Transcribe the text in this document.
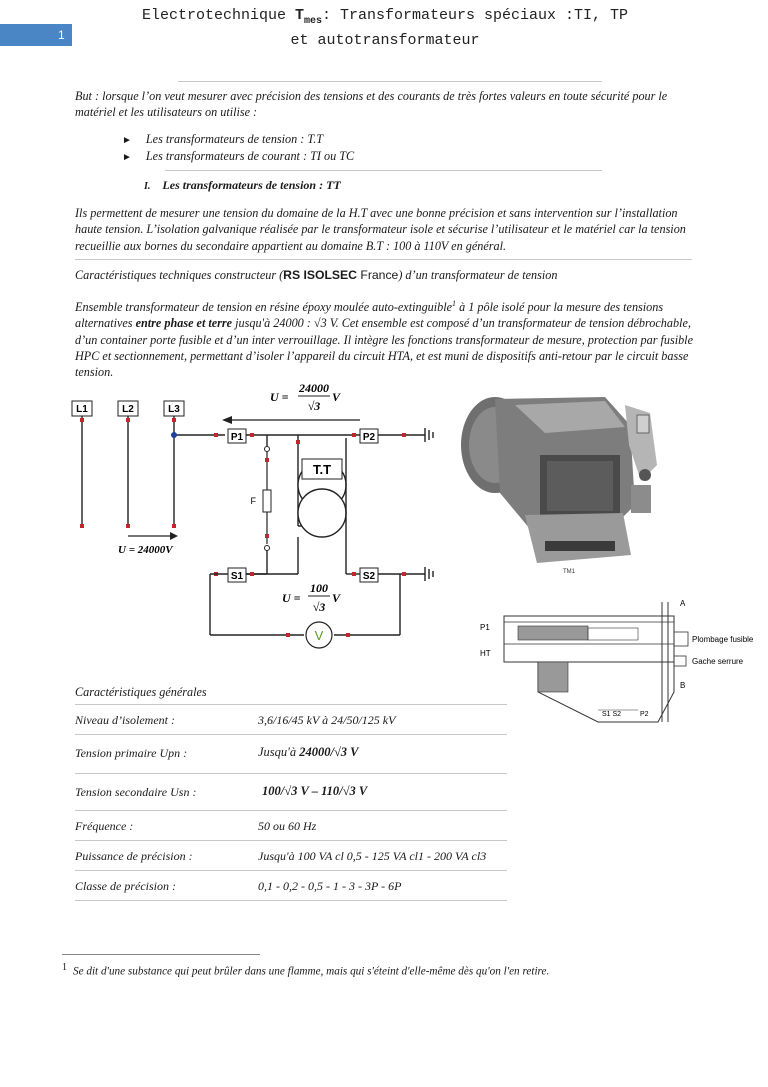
1
Electrotechnique $T_{mes}$: Transformateurs spéciaux :TI, TP
et autotransformateur
But : lorsque l’on veut mesurer avec précision des tensions et des courants de très fortes valeurs en toute sécurité pour le matériel et les utilisateurs on utilise :
► Les transformateurs de tension : T.T
► Les transformateurs de courant : TI ou TC
I. Les transformateurs de tension : TT
Ils permettent de mesurer une tension du domaine de la H.T avec une bonne précision et sans intervention sur l’installation haute tension. L’isolation galvanique réalisée par le transformateur isole et sécurise l’utilisateur et le matériel car la tension recueillie aux bornes du secondaire appartient au domaine B.T : 100 à 110V en général.
Caractéristiques techniques constructeur (RS ISOLSEC France) d’un transformateur de tension
Ensemble transformateur de tension en résine époxy moulée auto-extinguible$^1$ à 1 pôle isolé pour la mesure des tensions alternatives entre phase et terre jusqu'à 24000 : √3 V. Cet ensemble est composé d’un transformateur de tension débrochable, d’un container porte fusible et d’un inter verrouillage. Il intègre les fonctions transformateur de mesure, protection par fusible HPC et sectionnement, permettant d’isoler l’appareil du circuit HTA, et est muni de dispositifs anti-retour par le circuit basse tension.
L1	L2	L3
U = 24000V
P1	P2
U =
24000
√3
V
F
T.T
S1	S2
V
U =
100
√3
V
TM1
P1
HT
A
B
Plombage fusible
Gache serrure
S1 S2	P2
Caractéristiques générales
Niveau d’isolement :	3,6/16/45 kV à 24/50/125 kV
Tension primaire Upn :	Jusqu'à 24000/√3 V
Tension secondaire Usn :	100/√3 V – 110/√3 V
Fréquence :	50 ou 60 Hz
Puissance de précision :	Jusqu'à 100 VA cl 0,5 - 125 VA cl1 - 200 VA cl3
Classe de précision :	0,1 - 0,2 - 0,5 - 1 - 3 - 3P - 6P
$^1$ Se dit d'une substance qui peut brûler dans une flamme, mais qui s'éteint d'elle-même dès qu'on l'en retire.
